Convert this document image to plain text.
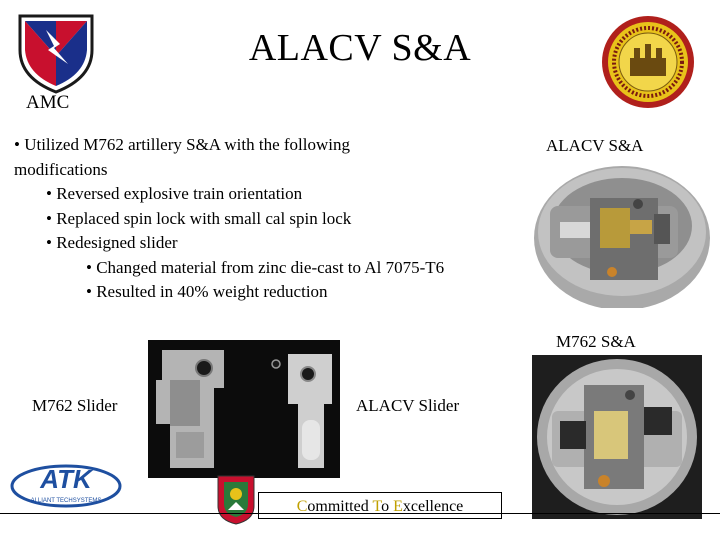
AMC
ALACV S&A
• Utilized M762 artillery S&A with the following
modifications
• Reversed explosive train orientation
• Replaced spin lock with small cal spin lock
• Redesigned slider
• Changed material from zinc die-cast to Al 7075-T6
• Resulted in 40% weight reduction
ALACV S&A
M762 S&A
M762 Slider	ALACV Slider
ATK
ALLIANT TECHSYSTEMS	Committed To Excellence
